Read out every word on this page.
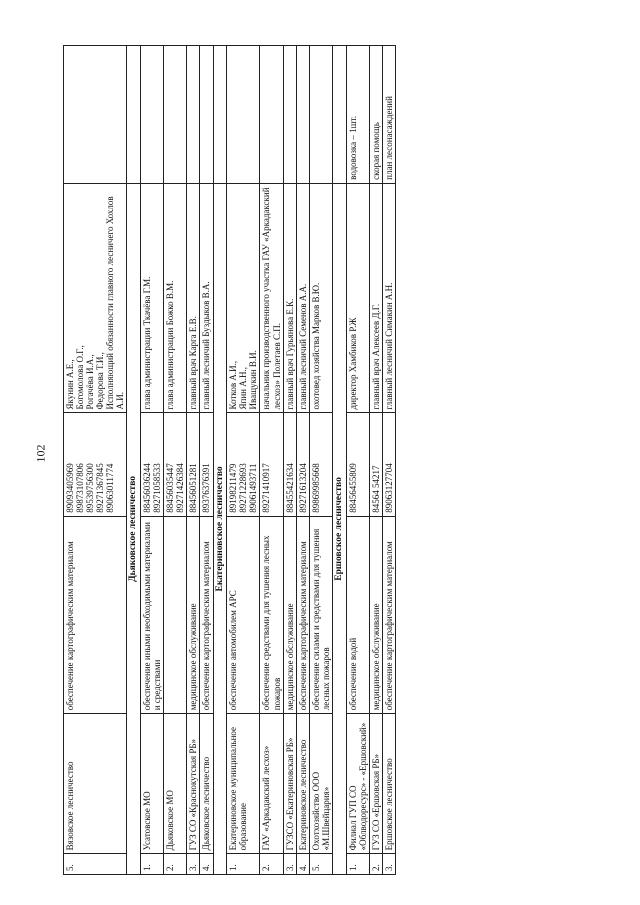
102
5.	Вязовское лесничество	обеспечение картографическим материалом	89093405969 89873107806 89539756300 89271367845 89063011774	Якунин А.Е., Богомолова О.Г., Рогачёва И.А., Федорова Т.И., Исполняющий обязанности главного лесничего Хохлов А.И.	

Дьяковское лесничество					
1.	Усатовское МО	обеспечение иными необходимыми материалами и средствами	88456036244 89271058533	глава администрации Ткачёва Г.М.	

2.	Дьяковское МО		88456035447 89271426384	глава администрации Божко В.М.	

3.	ГУЗ СО «Краснокутская РБ»	медицинское обслуживание	88456051281	главный врач Карга Е.В.	

4.	Дьяковское лесничество	обеспечение картографическим материалом	89376376391	главный лесничий Буздыков В.А.	

Екатериновское лесничество					
1.	Екатериновское муниципальное образование	обеспечение автомобилем АРС	89198211479 89271228693 89061493711	Котков А.И., Япин А.Н., Иващукин В.И.	

2.	ГАУ «Аркадакский лесхоз»	обеспечение средствами для тушения лесных пожаров	89271410917	начальник производственного участка ГАУ «Аркадакский лесхоз» Полетаев С.П.	

3.	ГУЗСО «Екатериновская РБ»	медицинское обслуживание	88455421634	главный врач Гурьянова Е.К.	

4.	Екатериновское лесничество	обеспечение картографическим материалом	89271613204	главный лесничий Семенов А.А.	

5.	Охотхозяйство ООО «М.Швейцария»	обеспечение силами и средствами для тушения лесных пожаров	89869985668	охотовед хозяйства Марков В.Ю.	

Ершовское лесничество					
1.	Филиал ГУП СО «Облводоресурс» - «Ершовский»	обеспечение водой	88456455809	директор Хамбиков Р.Ж	водовозка – 1шт.
2.	ГУЗ СО «Ершовская РБ»	медицинское обслуживание	84564 54217	главный врач Алексеев Д.Г.	скорая помощь
3.	Ершовское лесничество	обеспечение картографическим материалом	89063127704	главный лесничий Симакин А.Н.	план лесонасаждений
